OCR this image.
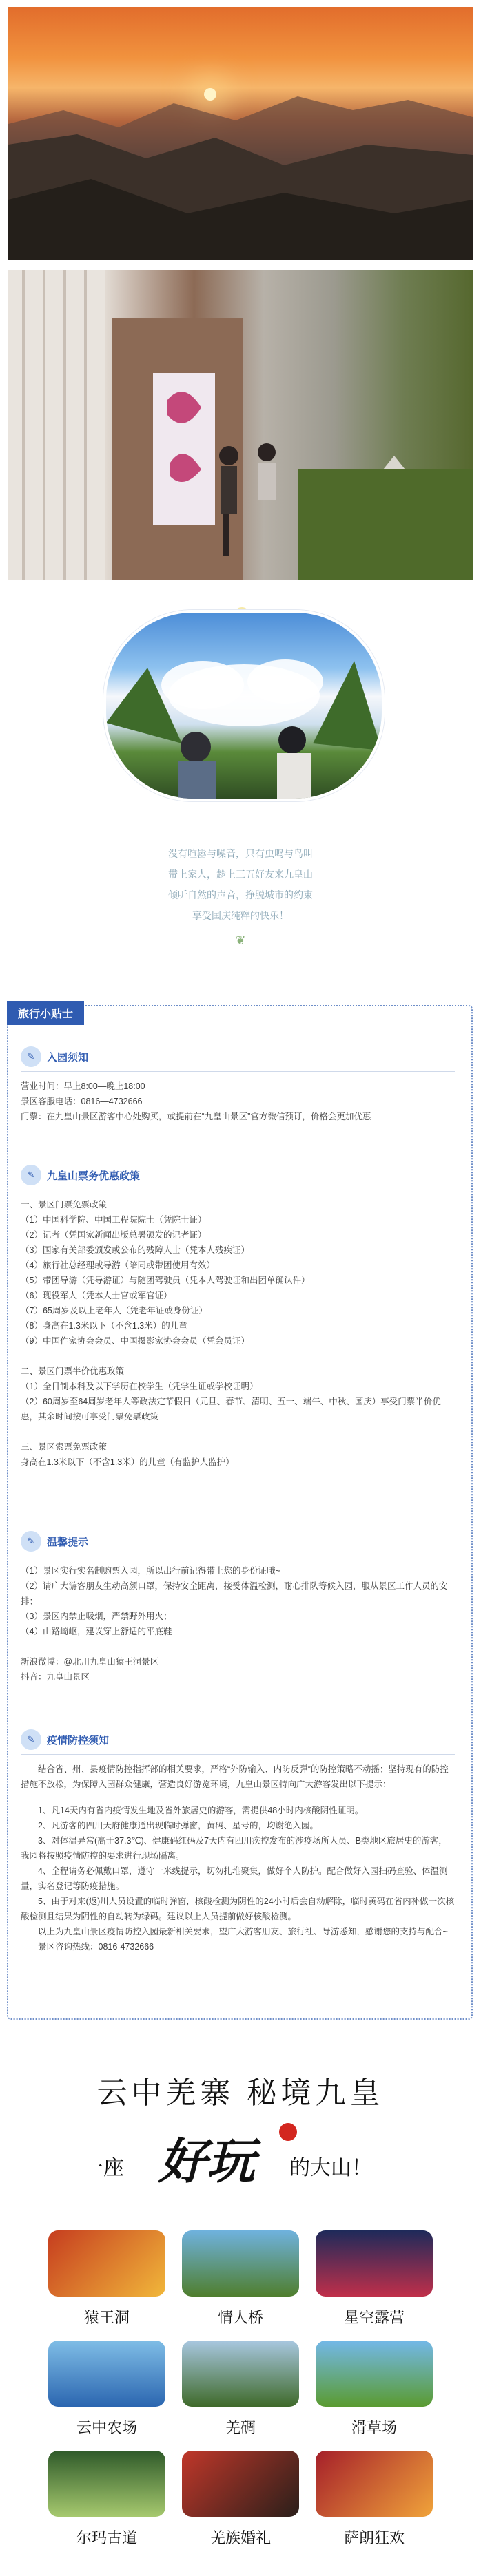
没有喧嚣与噪音，只有虫鸣与鸟叫

带上家人，趁上三五好友来九皇山

倾听自然的声音，挣脱城市的约束

享受国庆纯粹的快乐！

❦
旅行小贴士
✎	入园须知

营业时间：早上8:00—晚上18:00

景区客服电话：0816—4732666

门票：在九皇山景区游客中心处购买，或提前在“九皇山景区”官方微信预订，价格会更加优惠

✎	九皇山票务优惠政策

一、景区门票免票政策

（1）中国科学院、中国工程院院士（凭院士证）

（2）记者（凭国家新闻出版总署颁发的记者证）

（3）国家有关部委颁发或公布的残障人士（凭本人残疾证）

（4）旅行社总经理或导游（陪同或带团使用有效）

（5）带团导游（凭导游证）与随团驾驶员（凭本人驾驶证和出团单确认件）

（6）现役军人（凭本人士官或军官证）

（7）65周岁及以上老年人（凭老年证或身份证）

（8）身高在1.3米以下（不含1.3米）的儿童

（9）中国作家协会会员、中国摄影家协会会员（凭会员证）

二、景区门票半价优惠政策

（1）全日制本科及以下学历在校学生（凭学生证或学校证明）

（2）60周岁至64周岁老年人等政法定节假日（元旦、春节、清明、五一、端午、中秋、国庆）享受门票半价优惠，其余时间按可享受门票免票政策

三、景区索票免票政策

身高在1.3米以下（不含1.3米）的儿童（有监护人监护）

✎	温馨提示

（1）景区实行实名制购票入园，所以出行前记得带上您的身份证哦~

（2）请广大游客朋友生动高颜口罩，保持安全距离，接受体温检测，耐心排队等候入园，服从景区工作人员的安排；

（3）景区内禁止吸烟，严禁野外用火；

（4）山路崎岖，建议穿上舒适的平底鞋

新浪微博：@北川九皇山猿王洞景区

抖音：九皇山景区

✎	疫情防控须知

结合省、州、县疫情防控指挥部的相关要求，严格“外防输入、内防反弹”的防控策略不动摇；坚持现有的防控措施不放松，为保障入园群众健康，营造良好游览环境，九皇山景区特向广大游客发出以下提示：

1、凡14天内有省内疫情发生地及省外旅居史的游客，需提供48小时内核酸阴性证明。

2、凡游客的四川天府健康通出现临时弹窗，黄码、星号的，均谢绝入园。

3、对体温异常(高于37.3℃)、健康码红码及7天内有四川疾控发布的涉疫场所人员、B类地区旅居史的游客，我园将按照疫情防控的要求进行现场隔离。

4、全程请务必佩戴口罩，遵守一米线提示，切勿扎堆聚集，做好个人防护。配合做好入园扫码查验、体温测量，实名登记等防疫措施。

5、由于对来(返)川人员设置的临时弹窗，核酸检测为阴性的24小时后会自动解除，临时黄码在省内补做一次核酸检测且结果为阴性的自动转为绿码。建议以上人员提前做好核酸检测。

以上为九皇山景区疫情防控入园最新相关要求，望广大游客朋友、旅行社、导游悉知，感谢您的支持与配合~

景区咨询热线：0816-4732666

云中羌寨 秘境九皇
一座 好玩 的大山！
猿王洞	情人桥	星空露营
云中农场	羌碉	滑草场
尔玛古道	羌族婚礼	萨朗狂欢
